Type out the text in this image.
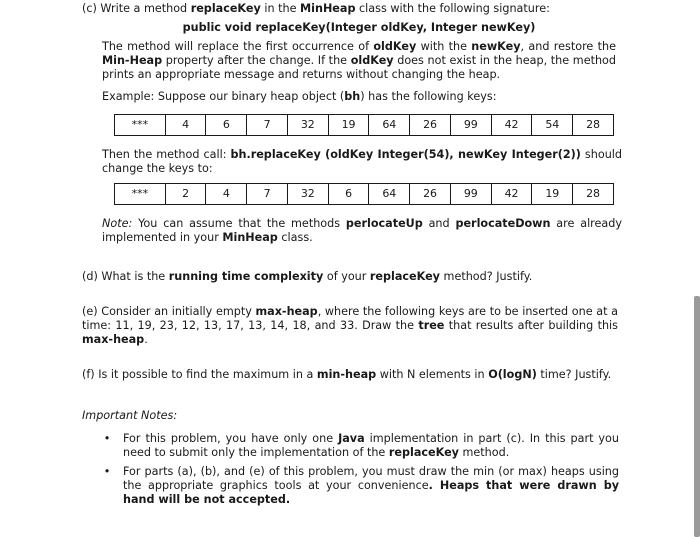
(c) Write a method replaceKey in the MinHeap class with the following signature:

public void replaceKey(Integer oldKey, Integer newKey)

The method will replace the first occurrence of oldKey with the newKey, and restore the Min-Heap property after the change. If the oldKey does not exist in the heap, the method prints an appropriate message and returns without changing the heap.

Example: Suppose our binary heap object (bh) has the following keys:

***	4	6	7	32	19	64	26	99	42	54	28

Then the method call: bh.replaceKey (oldKey Integer(54), newKey Integer(2)) should change the keys to:

***	2	4	7	32	6	64	26	99	42	19	28

Note: You can assume that the methods perlocateUp and perlocateDown are already implemented in your MinHeap class.

(d) What is the running time complexity of your replaceKey method? Justify.

(e) Consider an initially empty max-heap, where the following keys are to be inserted one at a time: 11, 19, 23, 12, 13, 17, 13, 14, 18, and 33. Draw the tree that results after building this max-heap.

(f) Is it possible to find the maximum in a min-heap with N elements in O(logN) time? Justify.

Important Notes:

• For this problem, you have only one Java implementation in part (c). In this part you need to submit only the implementation of the replaceKey method.

• For parts (a), (b), and (e) of this problem, you must draw the min (or max) heaps using the appropriate graphics tools at your convenience. Heaps that were drawn by hand will be not accepted.
